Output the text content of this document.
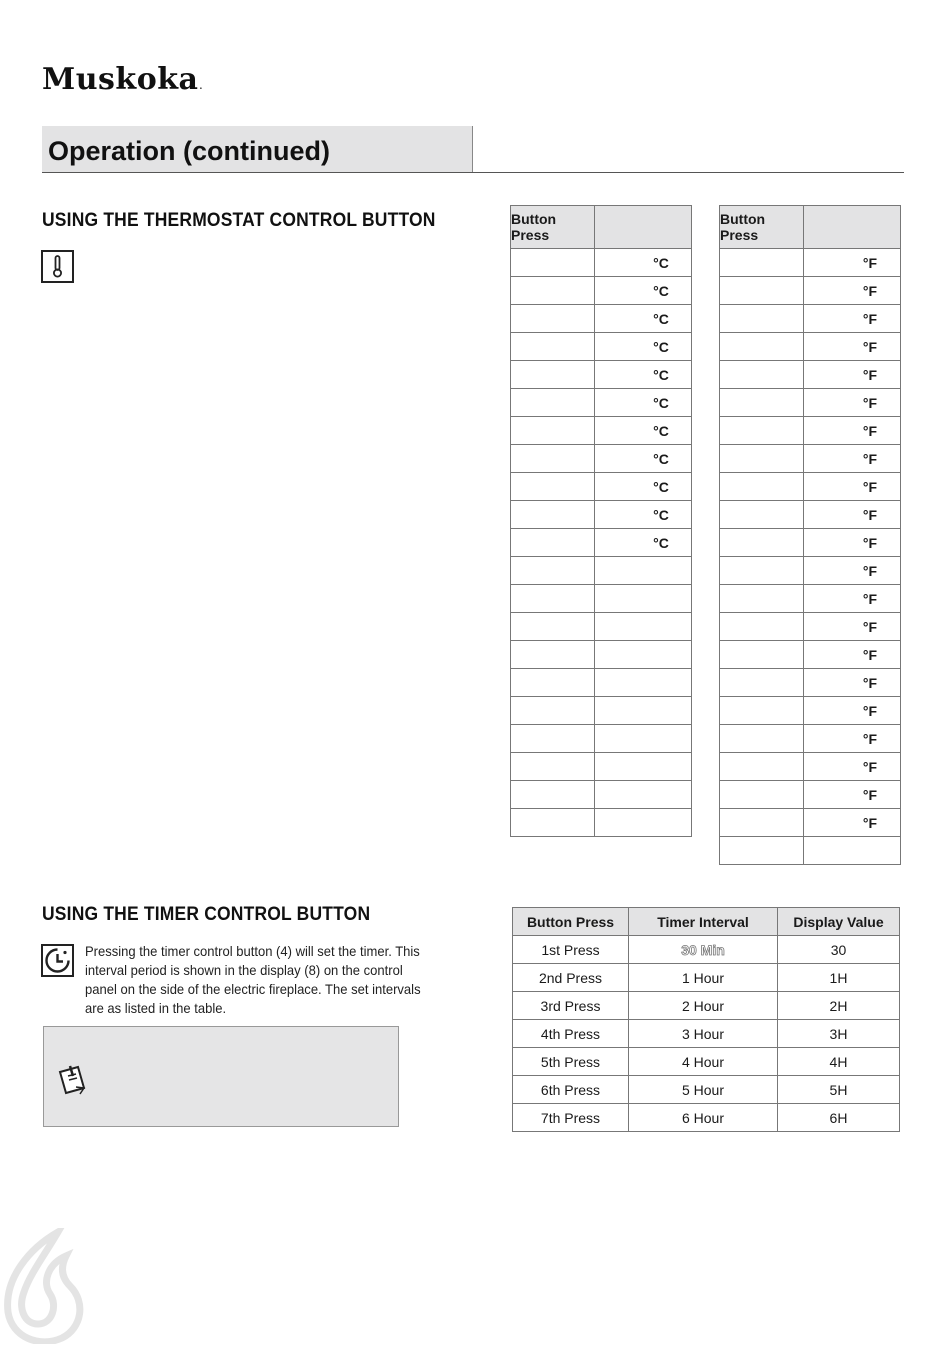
Muskoka.
Operation (continued)
USING THE THERMOSTAT CONTROL BUTTON	Button Press	
	°C
	°C
	°C
	°C
	°C
	°C
	°C
	°C
	°C
	°C
	°C

Button Press	
	°F
	°F
	°F
	°F
	°F
	°F
	°F
	°F
	°F
	°F
	°F
	°F
	°F
	°F
	°F
	°F
	°F
	°F
	°F
	°F
	°F

USING THE TIMER CONTROL BUTTON
Pressing the timer control button (4) will set the timer. This interval period is shown in the display (8) on the control panel on the side of the electric fireplace. The set intervals are as listed in the table.
Button Press	Timer Interval	Display Value
1st Press	30 Min	30
2nd Press	1 Hour	1H
3rd Press	2 Hour	2H
4th Press	3 Hour	3H
5th Press	4 Hour	4H
6th Press	5 Hour	5H
7th Press	6 Hour	6H
